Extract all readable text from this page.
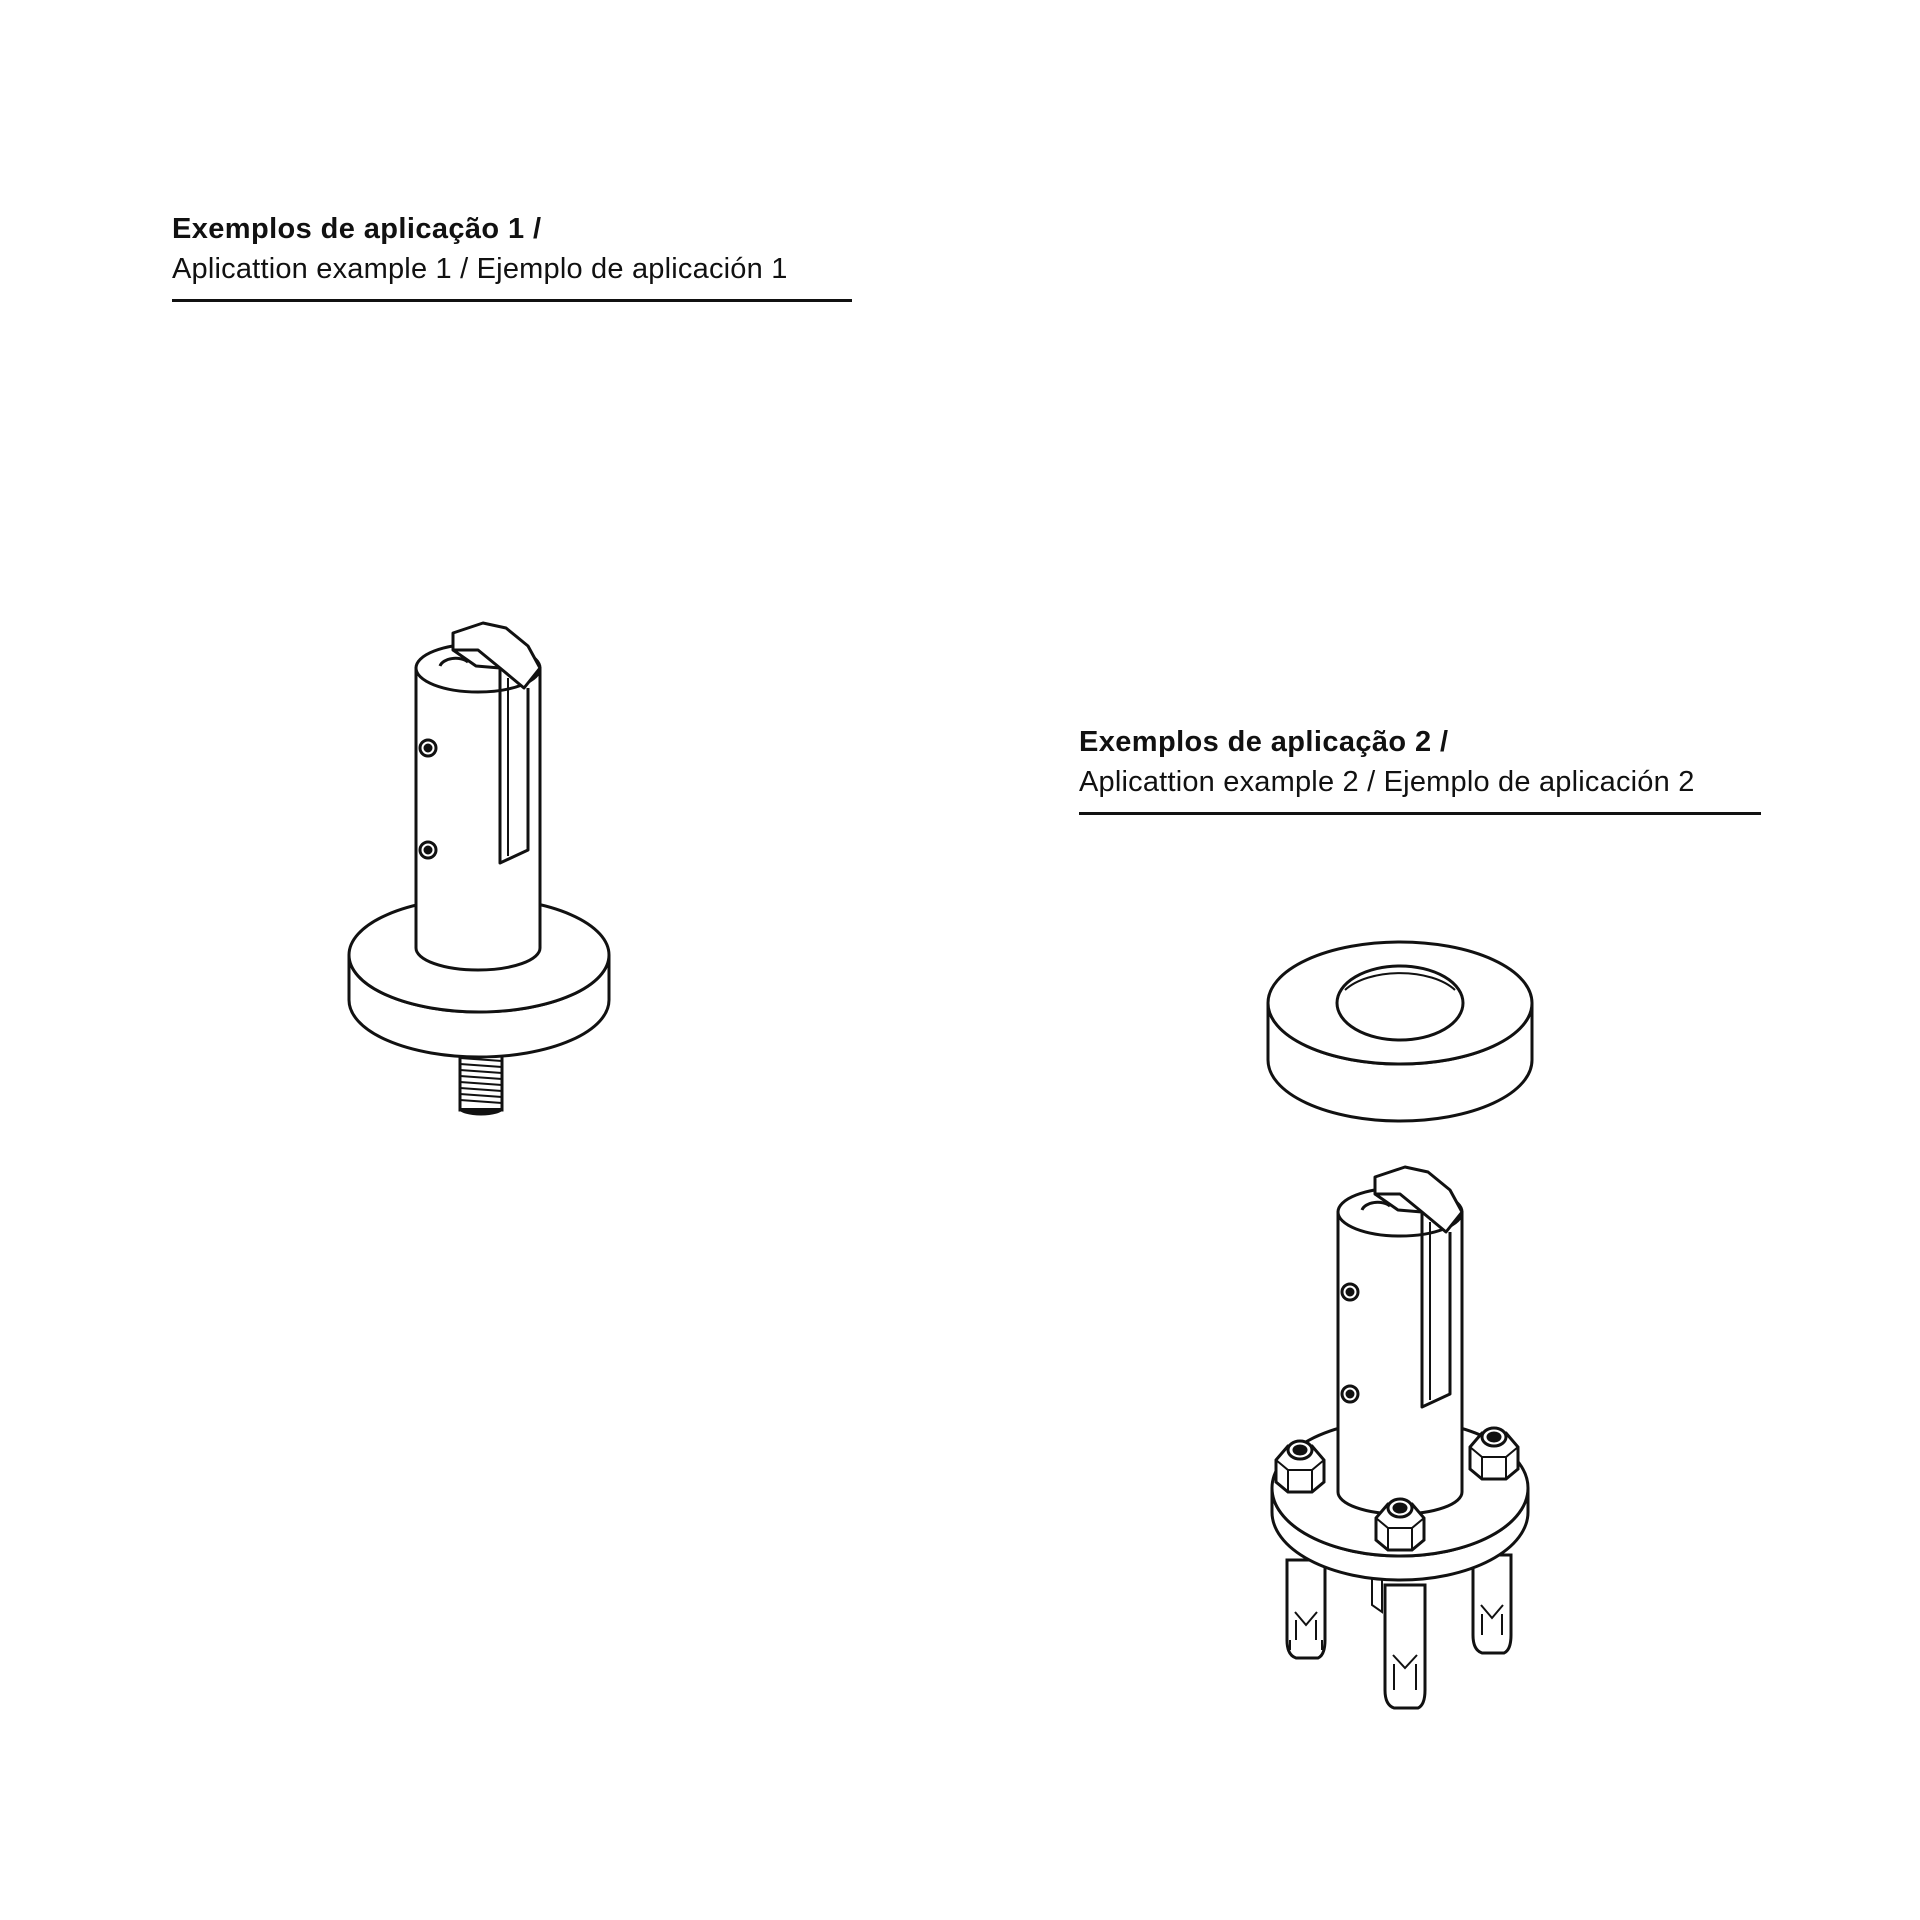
Exemplos de aplicação 1 /
Aplicattion example 1 / Ejemplo de aplicación 1
Exemplos de aplicação 2 /
Aplicattion example 2 / Ejemplo de aplicación 2
